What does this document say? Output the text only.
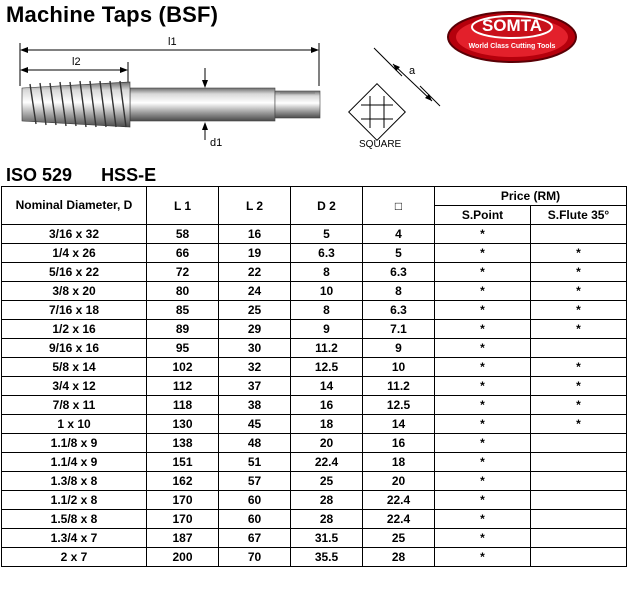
Machine Taps (BSF)
l1
l2
d1
a
SQUARE
SOMTA
World Class Cutting Tools
ISO 529 HSS-E
Nominal Diameter, D	L 1	L 2	D 2	□	Price (RM)	
					S.Point	S.Flute 35°
3/16 x 32	58	16	5	4	*	
1/4 x 26	66	19	6.3	5	*	*
5/16 x 22	72	22	8	6.3	*	*
3/8 x 20	80	24	10	8	*	*
7/16 x 18	85	25	8	6.3	*	*
1/2 x 16	89	29	9	7.1	*	*
9/16 x 16	95	30	11.2	9	*	
5/8 x 14	102	32	12.5	10	*	*
3/4 x 12	112	37	14	11.2	*	*
7/8 x 11	118	38	16	12.5	*	*
1 x 10	130	45	18	14	*	*
1.1/8 x 9	138	48	20	16	*	
1.1/4 x 9	151	51	22.4	18	*	
1.3/8 x 8	162	57	25	20	*	
1.1/2 x 8	170	60	28	22.4	*	
1.5/8 x 8	170	60	28	22.4	*	
1.3/4 x 7	187	67	31.5	25	*	
2 x 7	200	70	35.5	28	*	
